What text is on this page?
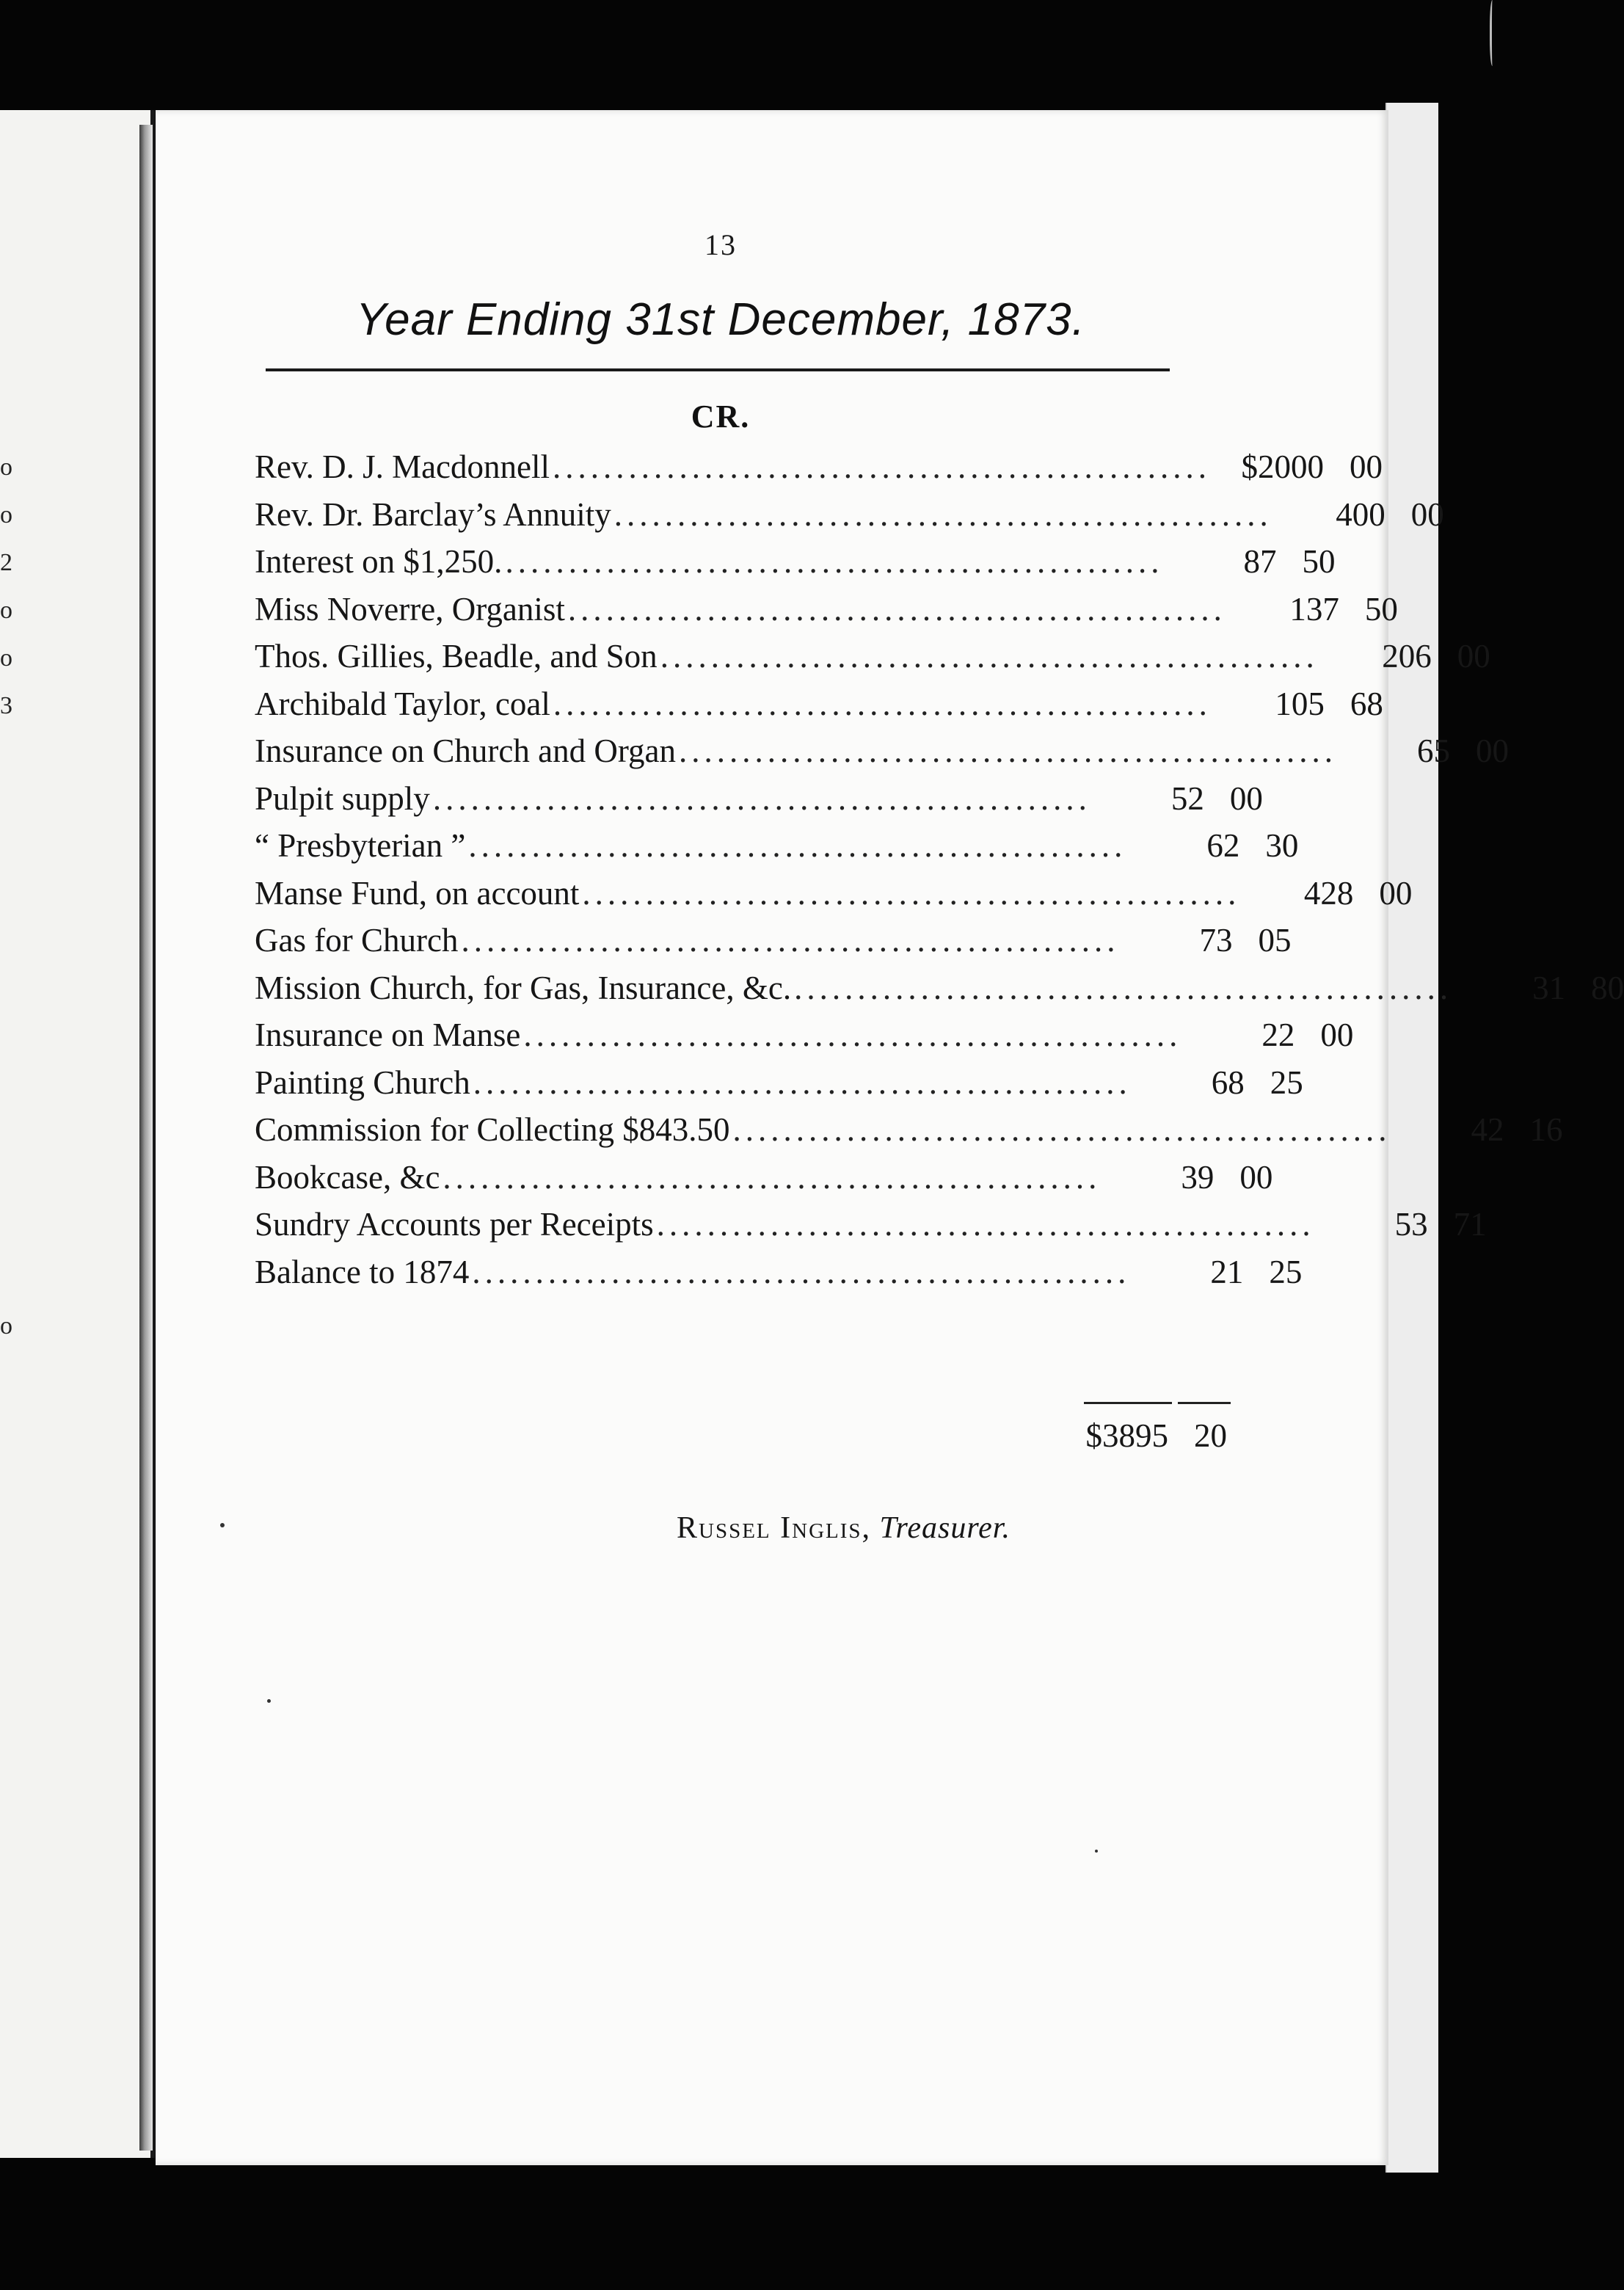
o
o
2
o
o
3
o
13
Year Ending 31st December, 1873.
CR.
Rev. D. J. Macdonnell .................................................... $2000 00
Rev. Dr. Barclay’s Annuity ....................................................	400 00
Interest on $1,250. ....................................................	87 50
Miss Noverre, Organist ....................................................	137 50
Thos. Gillies, Beadle, and Son ....................................................	206 00
Archibald Taylor, coal ....................................................	105 68
Insurance on Church and Organ ....................................................	65 00
Pulpit supply ....................................................	52 00
“ Presbyterian ” ....................................................	62 30
Manse Fund, on account ....................................................	428 00
Gas for Church ....................................................	73 05
Mission Church, for Gas, Insurance, &c. ....................................................	31 80
Insurance on Manse ....................................................	22 00
Painting Church ....................................................	68 25
Commission for Collecting $843.50 ....................................................	42 16
Bookcase, &c ....................................................	39 00
Sundry Accounts per Receipts ....................................................	53 71
Balance to 1874 ....................................................	21 25
$3895 20
Russel Inglis, Treasurer.
